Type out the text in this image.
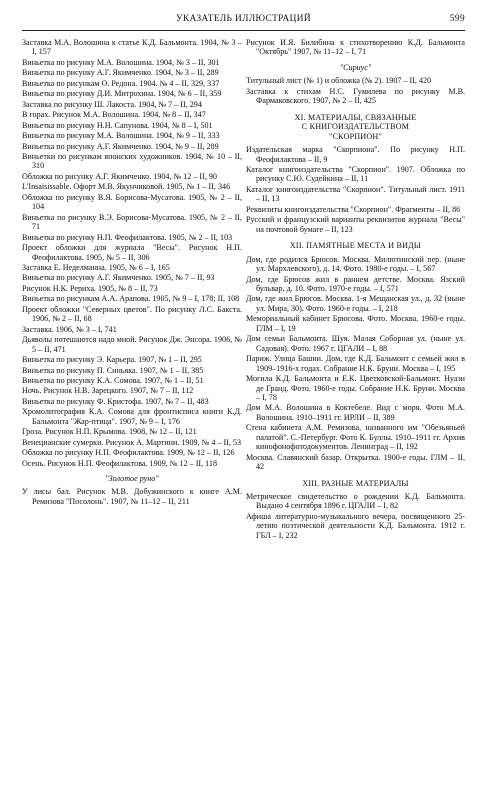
УКАЗАТЕЛЬ ИЛЛЮСТРАЦИЙ	599
Заставка М.А. Волошина к статье К.Д. Бальмонта. 1904, № 3 – I, 157
Виньетка по рисунку М.А. Волошина. 1904, № 3 – II, 301
Виньетка по рисунку А.Г. Якимченко. 1904, № 3 – II, 289
Виньетка по рисункам О. Редона. 1904. № 4 – II, 329, 337
Виньетка по рисунку Д.И. Митрохина. 1904, № 6 – II, 359
Заставка по рисунку Ш. Лакоста. 1904, № 7 – II, 294
В горах. Рисунок М.А. Волошина. 1904, № 8 – II, 347
Виньетка по рисунку Н.Н. Сапунова. 1904, № 8 – I, 501
Виньетка по рисунку М.А. Волошина. 1904, № 9 – II, 333
Виньетка по рисунку А.Г. Якимченко. 1904, № 9 – II, 289
Виньетки по рисункам японских художников. 1904, № 10 – II, 310
Обложка по рисунку А.Г. Якимченко. 1904, № 12 – II, 90
L'Insaisissable. Офорт М.В. Якунчиковой. 1905, № 1 – II, 346
Обложка по рисунку В.Я. Борисова-Мусатова. 1905, № 2 – II, 104
Виньетка по рисунку В.Э. Борисова-Мусатова. 1905, № 2 – II, 71
Виньетка по рисунку Н.П. Феофилактова. 1905, № 2 – II, 103
Проект обложки для журнала "Весы". Рисунок Н.П. Феофилактова. 1905, № 5 – II, 306
Заставка Е. Неделманна. 1905, № 6 – I, 165
Виньетка по рисунку А.Г. Якимченко. 1905, № 7 – II, 93
Рисунок Н.К. Рериха. 1905, № 8 – II, 73
Виньетка по рисункам А.А. Арапова. 1905, № 9 – I, 178; II, 108
Проект обложки "Северных цветов". По рисунку Л.С. Бакста. 1906, № 2 – II, 68
Заставка. 1906, № 3 – I, 741
Дьяволы потешаются надо мной. Рисунок Дж. Энсора. 1906, № 5 – II, 471
Виньетка по рисунку Э. Карьера. 1907, № 1 – II, 295
Виньетка по рисунку П. Синьяка. 1907, № 1 – II, 385
Виньетка по рисунку К.А. Сомова. 1907, № 1 – II, 51
Ночь. Рисунок Н.В. Зарецкого. 1907, № 7 – II, 112
Виньетка по рисунку Ф. Кристофа. 1907, № 7 – II, 483
Хромолитография К.А. Сомова для фронтисписа книги К.Д. Бальмонта "Жар-птица". 1907, № 9 – I, 176
Гроза. Рисунок Н.П. Крымова. 1908, № 12 – II, 121
Венецианские сумерки. Рисунок А. Мартини. 1909, № 4 – II, 53
Обложка по рисунку Н.П. Феофилактова. 1909, № 12 – II, 126
Осень. Рисунок Н.П. Феофилактова. 1909, № 12 – II, 118
"Золотое руно"
У лисы бал. Рисунок М.В. Добужинского к книге А.М. Ремизова "Посолонь". 1907, № 11–12 – II, 211
Рисунок И.Я. Билибина к стихотворению К.Д. Бальмонта "Октябрь" 1907, № 11–12 – I, 71
"Сириус"
Титульный лист (№ 1) и обложка (№ 2). 1907 – II, 420
Заставка к стихам Н.С. Гумилева по рисунку М.В. Фармаковского. 1907, № 2 – II, 425
XI. МАТЕРИАЛЫ, СВЯЗАННЫЕ
С КНИГОИЗДАТЕЛЬСТВОМ
"СКОРПИОН"
Издательская марка "Скорпиона". По рисунку Н.П. Феофилактова – II, 9
Каталог книгоиздательства "Скорпион". 1907. Обложка по рисунку С.Ю. Судейкина – II, 11
Каталог книгоиздательства "Скорпион". Титульный лист. 1911 – II, 13
Реквизиты книгоиздательства "Скорпион". Фрагменты – II, 86
Русский и французский варианты реквизитов журнала "Весы" на почтовой бумаге – II, 123
XII. ПАМЯТНЫЕ МЕСТА И ВИДЫ
Дом, где родился Брюсов. Москва. Милютинский пер. (ныне ул. Мархлевского), д. 14. Фото. 1980-е годы. – I, 567
Дом, где Брюсов жил в раннем детстве. Москва. Язский бульвар, д. 10. Фото. 1970-е годы. – I, 571
Дом, где жил Брюсов. Москва. 1-я Мещанская ул., д. 32 (ныне ул. Мира, 30). Фото. 1960-е годы. – I, 218
Мемориальный кабинет Брюсова. Фото. Москва. 1960-е годы. ГЛМ – I, 19
Дом семьи Бальмонта. Шуя. Малая Соборная ул. (ныне ул. Садовая). Фото. 1967 г. ЦГАЛИ – I, 88
Париж. Улица Башни. Дом, где К.Д. Бальмонт с семьей жил в 1909–1916-х годах. Собрание Н.К. Бруни. Москва – I, 195
Могила К.Д. Бальмонта и Е.К. Цветковской-Бальмонт. Нуази де Гранд. Фото. 1960-е годы. Собрание Н.К. Бруни. Москва – I, 78
Дом М.А. Волошина в Коктебеле. Вид с моря. Фото М.А. Волошина. 1910–1911 гг. ИРЛИ – II, 389
Стена кабинета А.М. Ремизова, названного им "Обезьяньей палатой". С.-Петербург. Фото К. Буллы. 1910–1911 гг. Архив кинофонофотодокументов. Ленинград – II, 192
Москва. Славянский базар. Открытка. 1900-е годы. ГЛМ – II, 42
XIII. РАЗНЫЕ МАТЕРИАЛЫ
Метрическое свидетельство о рождении К.Д. Бальмонта. Выдано 4 сентября 1896 г. ЦГАЛИ – I, 82
Афиша литературно-музыкального вечера, посвященного 25-летию поэтической деятельности К.Д. Бальмонта. 1912 г. ГБЛ – I, 232
